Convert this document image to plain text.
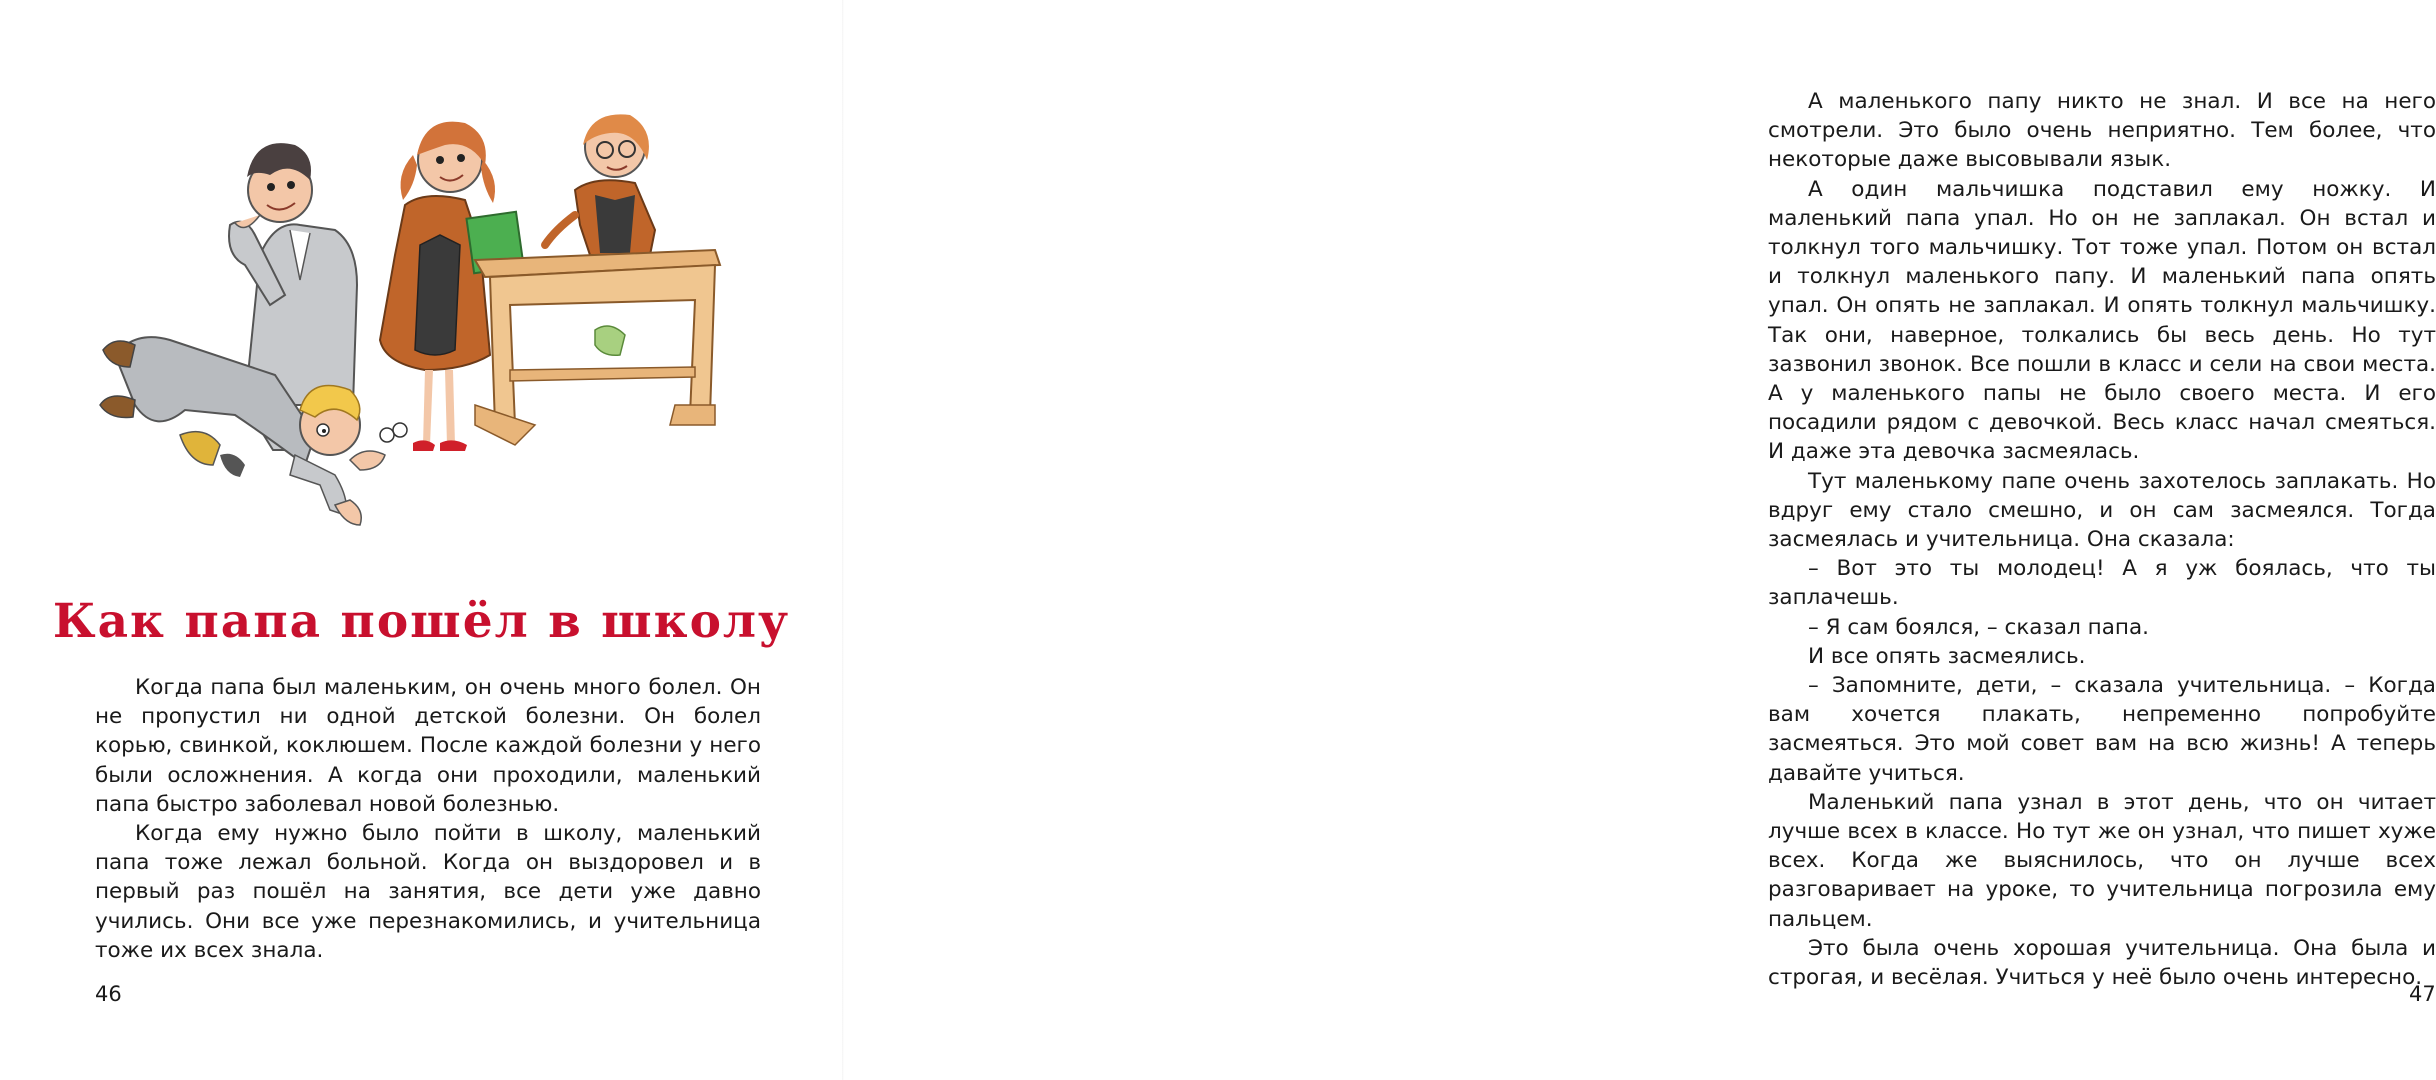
Как папа пошёл в школу

Когда папа был маленьким, он очень много болел. Он не пропустил ни одной детской болезни. Он болел корью, свинкой, коклюшем. После каждой болезни у него были осложнения. А когда они проходили, маленький папа быстро заболевал новой болезнью.

Когда ему нужно было пойти в школу, маленький папа тоже лежал больной. Когда он выздоровел и в первый раз пошёл на занятия, все дети уже давно учились. Они все уже перезнакомились, и учительница тоже их всех знала.

46

А маленького папу никто не знал. И все на него смотрели. Это было очень неприятно. Тем более, что некоторые даже высовывали язык.

А один мальчишка подставил ему ножку. И маленький папа упал. Но он не заплакал. Он встал и толкнул того мальчишку. Тот тоже упал. Потом он встал и толкнул маленького папу. И маленький папа опять упал. Он опять не заплакал. И опять толкнул мальчишку. Так они, наверное, толкались бы весь день. Но тут зазвонил звонок. Все пошли в класс и сели на свои места. А у маленького папы не было своего места. И его посадили рядом с девочкой. Весь класс начал смеяться. И даже эта девочка засмеялась.

Тут маленькому папе очень захотелось заплакать. Но вдруг ему стало смешно, и он сам засмеялся. Тогда засмеялась и учительница. Она сказала:

– Вот это ты молодец! А я уж боялась, что ты заплачешь.

– Я сам боялся, – сказал папа.

И все опять засмеялись.

– Запомните, дети, – сказала учительница. – Когда вам хочется плакать, непременно попробуйте засмеяться. Это мой совет вам на всю жизнь! А теперь давайте учиться.

Маленький папа узнал в этот день, что он читает лучше всех в классе. Но тут же он узнал, что пишет хуже всех. Когда же выяснилось, что он лучше всех разговаривает на уроке, то учительница погрозила ему пальцем.

Это была очень хорошая учительница. Она была и строгая, и весёлая. Учиться у неё было очень интересно.

47
